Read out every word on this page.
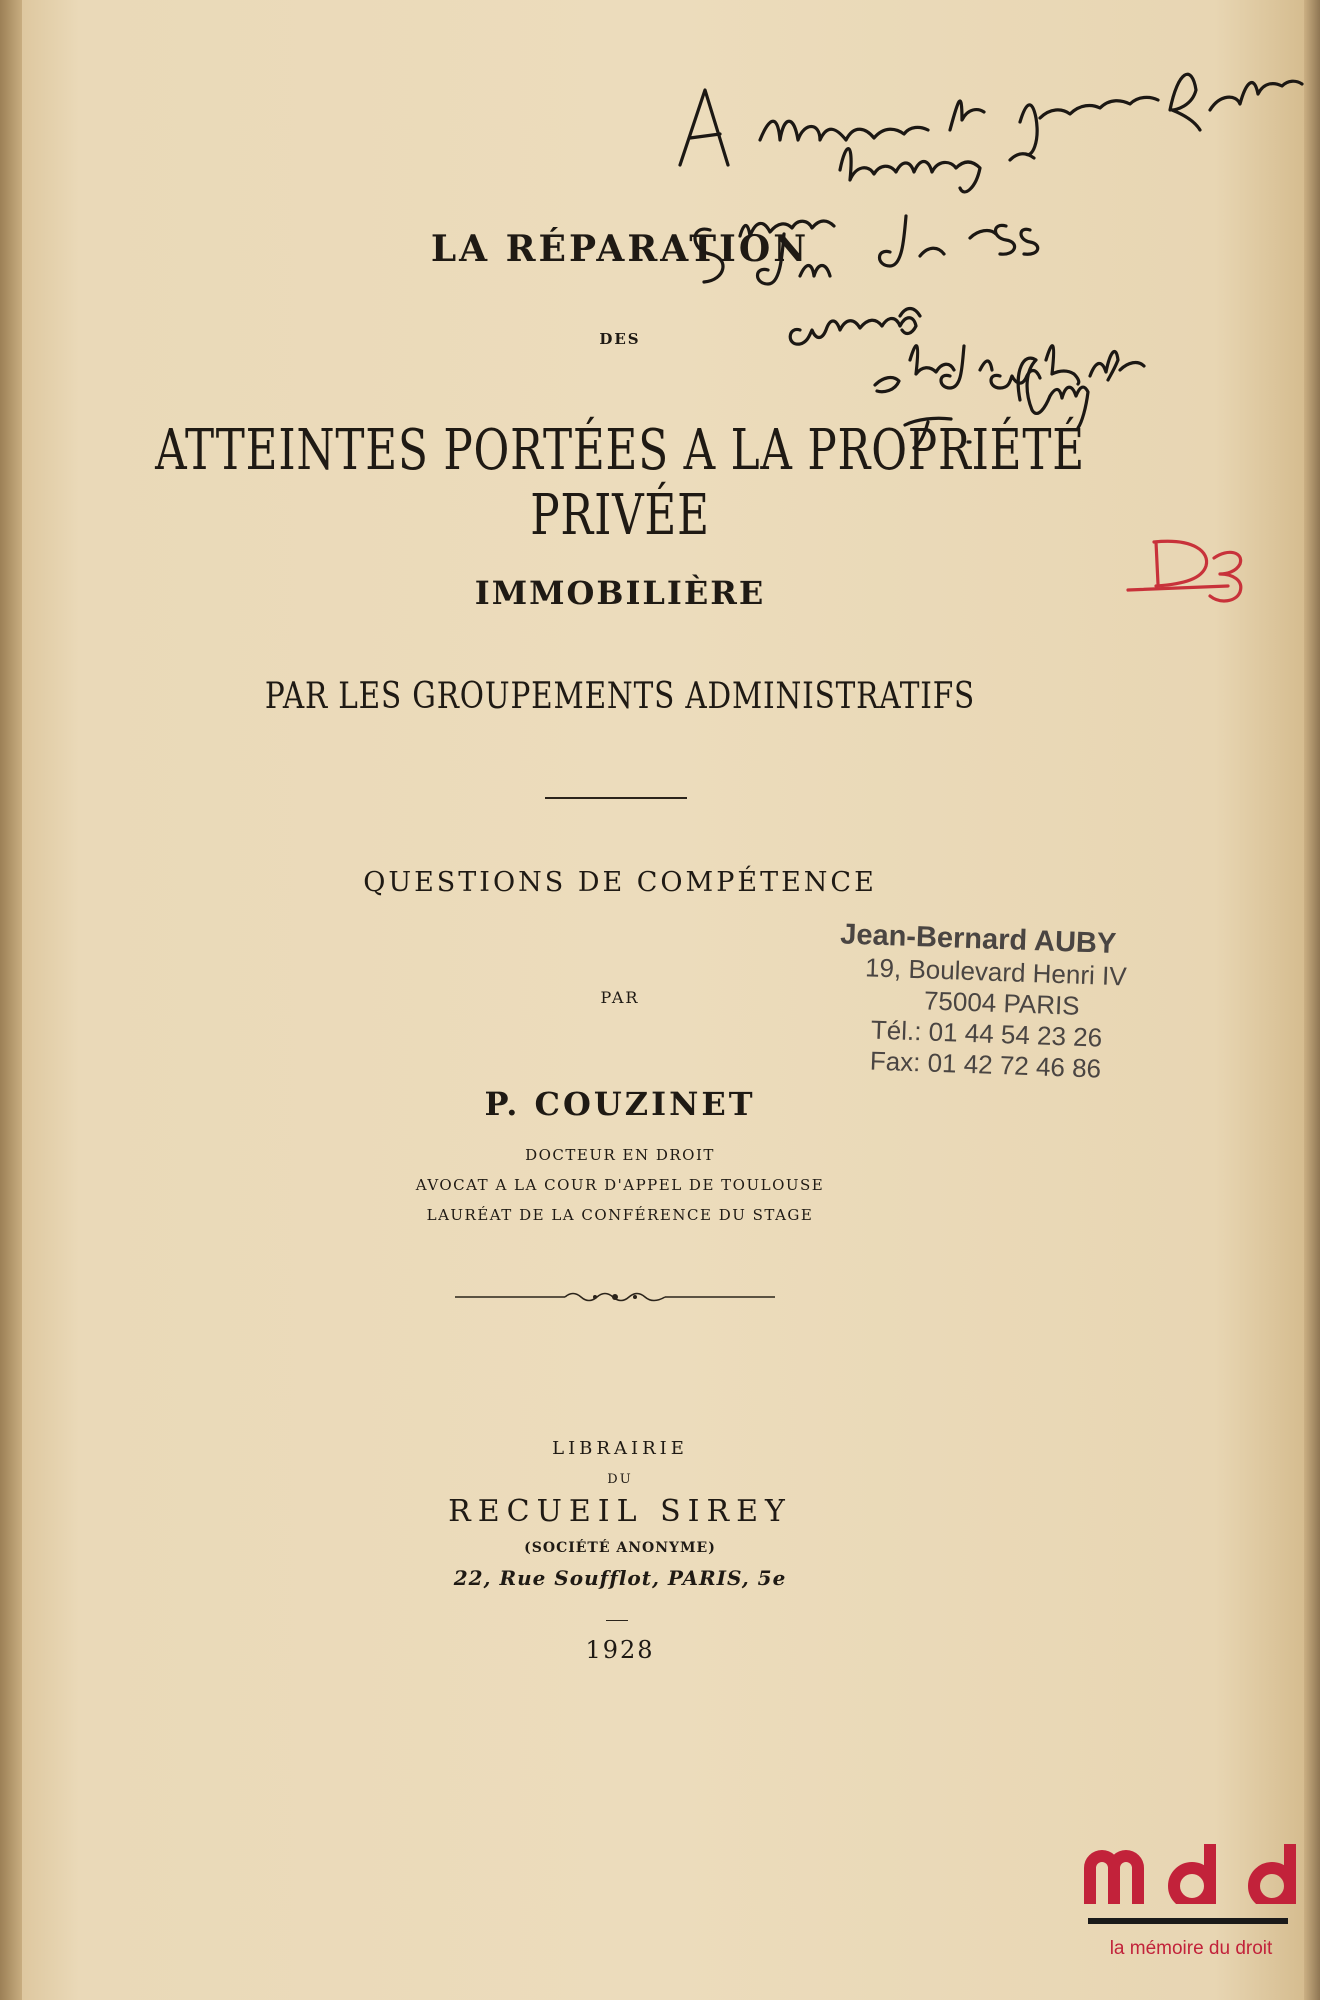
LA RÉPARATION
DES
ATTEINTES PORTÉES A LA PROPRIÉTÉ PRIVÉE
IMMOBILIÈRE
PAR LES GROUPEMENTS ADMINISTRATIFS
QUESTIONS DE COMPÉTENCE
PAR
P. COUZINET
DOCTEUR EN DROIT
AVOCAT A LA COUR D'APPEL DE TOULOUSE
LAURÉAT DE LA CONFÉRENCE DU STAGE
LIBRAIRIE
DU
RECUEIL SIREY
(SOCIÉTÉ ANONYME)
22, Rue Soufflot, PARIS, 5e
1928
Jean-Bernard AUBY
19, Boulevard Henri IV
75004 PARIS
Tél.: 01 44 54 23 26
Fax: 01 42 72 46 86
la mémoire du droit
